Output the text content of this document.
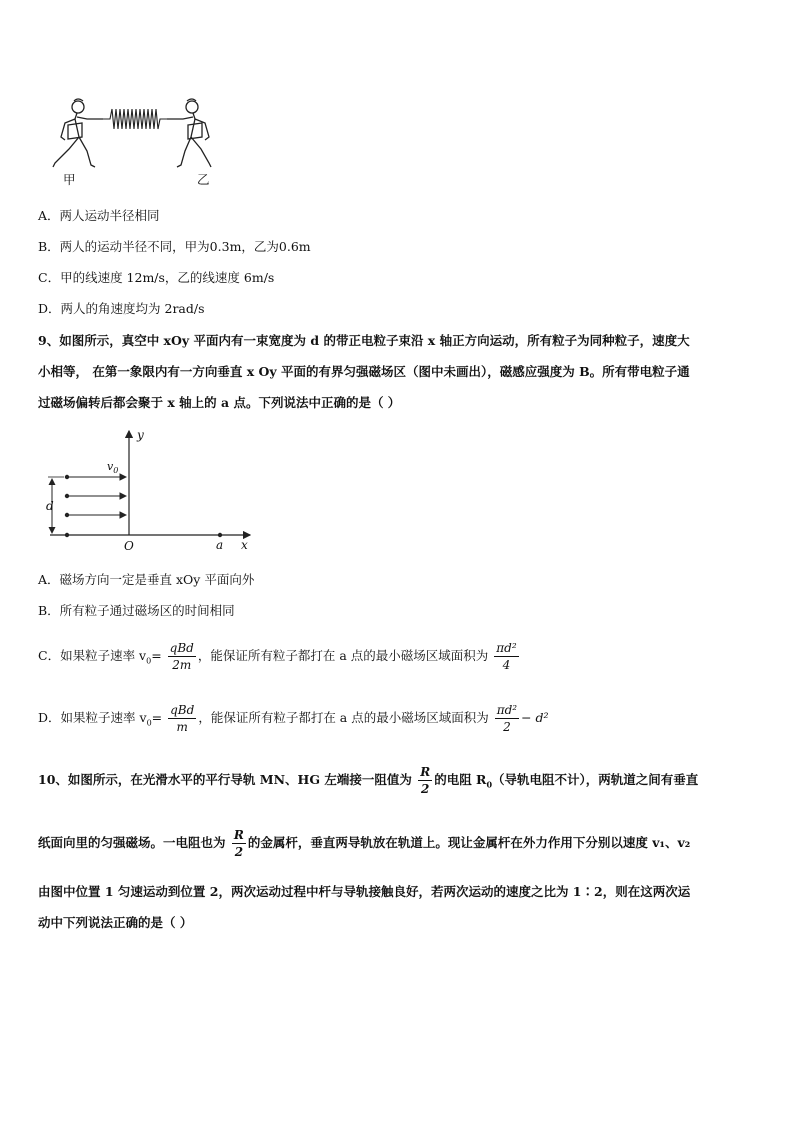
甲	乙
A．两人运动半径相同
B．两人的运动半径不同，甲为0.3m，乙为0.6m
C．甲的线速度 12m/s，乙的线速度 6m/s
D．两人的角速度均为 2rad/s
9、如图所示，真空中 xOy 平面内有一束宽度为 d 的带正电粒子束沿 x 轴正方向运动，所有粒子为同种粒子，速度大
小相等， 在第一象限内有一方向垂直 x Oy 平面的有界匀强磁场区（图中未画出），磁感应强度为 B。所有带电粒子通
过磁场偏转后都会聚于 x 轴上的 a 点。下列说法中正确的是（ ）
y
x
O	a
d
$v_0$
A．磁场方向一定是垂直 xOy 平面向外
B．所有粒子通过磁场区的时间相同
C．如果粒子速率 $v_0= \frac{\text{qBd}}{2m}$ ，能保证所有粒子都打在 a 点的最小磁场区域面积为 $\frac{\text{πd²}}{4}$
D．如果粒子速率 $v_0= \frac{\text{qBd}}{m}$ ，能保证所有粒子都打在 a 点的最小磁场区域面积为 $\frac{\text{πd²}}{2} - d^2$
10、如图所示，在光滑水平的平行导轨 MN、HG 左端接一阻值为 $\frac{R}{2}$ 的电阻 $R_0$（导轨电阻不计），两轨道之间有垂直
纸面向里的匀强磁场。一电阻也为 $\frac{R}{2}$ 的金属杆，垂直两导轨放在轨道上。现让金属杆在外力作用下分别以速度 v₁、v₂
由图中位置 1 匀速运动到位置 2，两次运动过程中杆与导轨接触良好，若两次运动的速度之比为 1∶2，则在这两次运
动中下列说法正确的是（ ）
